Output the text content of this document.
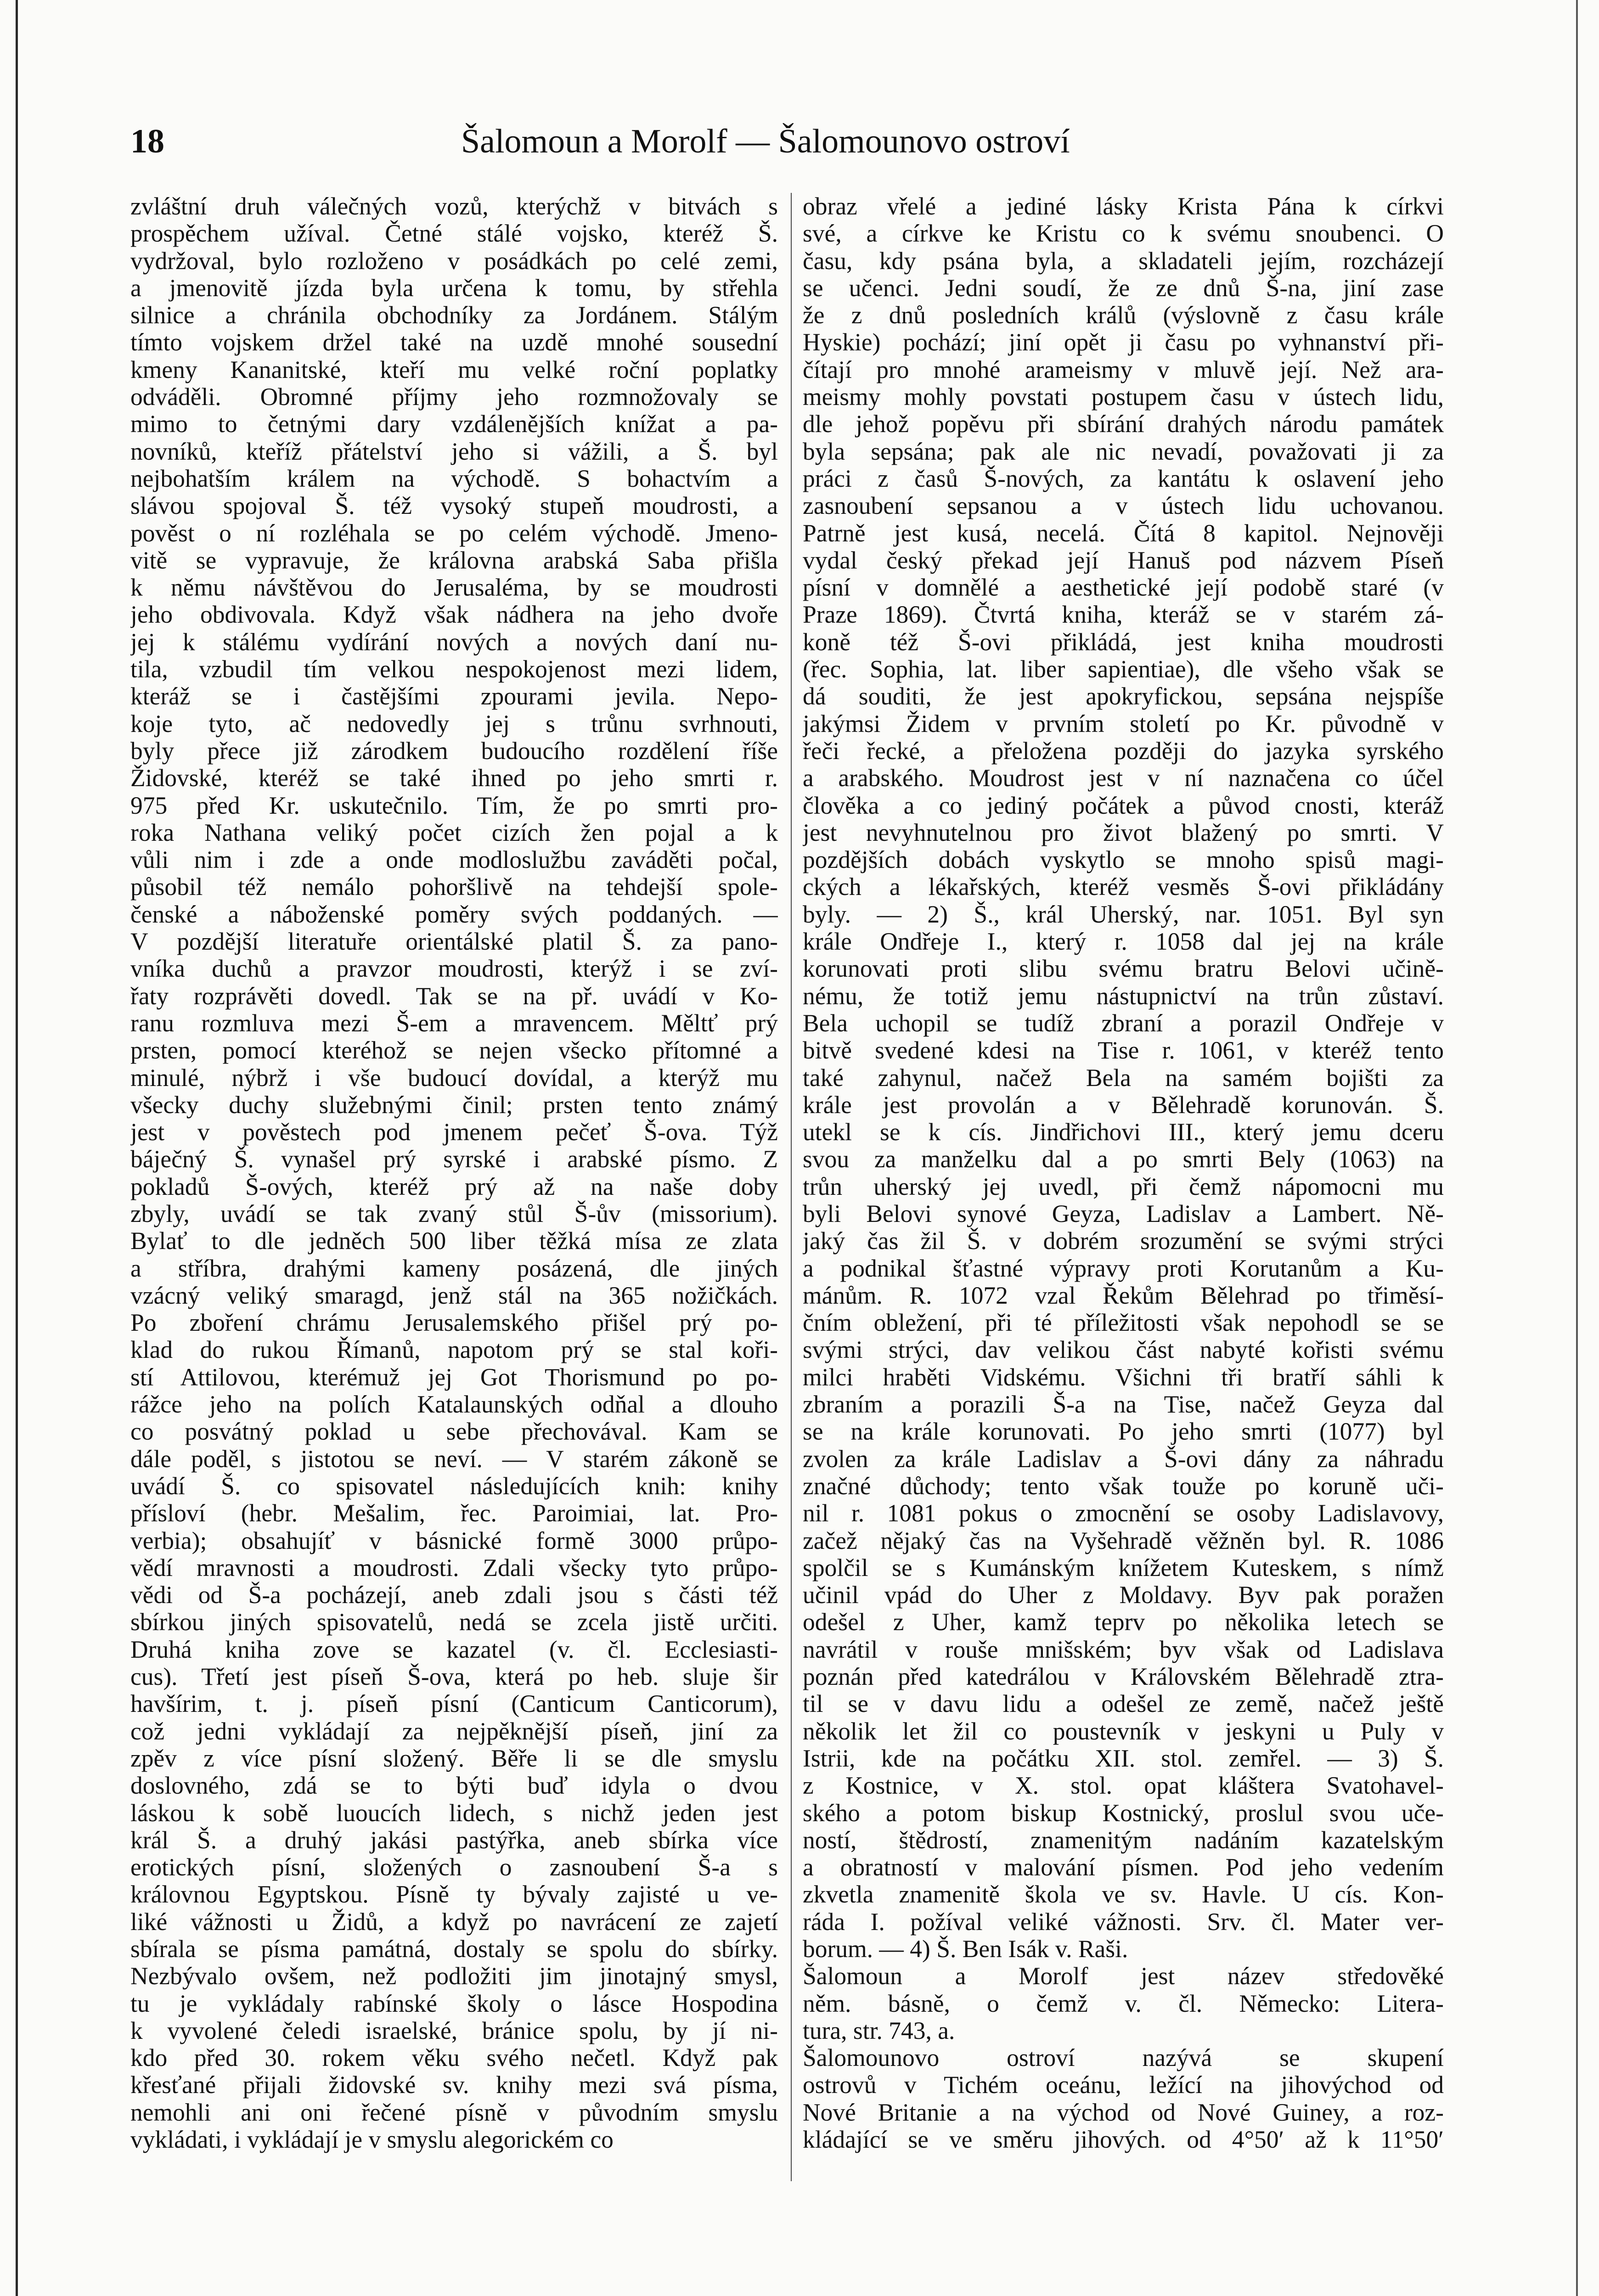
18	Šalomoun a Morolf — Šalomounovo ostroví
zvláštní druh válečných vozů, kterýchž v bitvách s
prospěchem užíval. Četné stálé vojsko, kteréž Š.
vydržoval, bylo rozloženo v posádkách po celé zemi,
a jmenovitě jízda byla určena k tomu, by střehla
silnice a chránila obchodníky za Jordánem. Stálým
tímto vojskem držel také na uzdě mnohé sousední
kmeny Kananitské, kteří mu velké roční poplatky
odváděli. Obromné příjmy jeho rozmnožovaly se
mimo to četnými dary vzdálenějších knížat a pa-
novníků, kteříž přátelství jeho si vážili, a Š. byl
nejbohatším králem na východě. S bohactvím a
slávou spojoval Š. též vysoký stupeň moudrosti, a
pověst o ní rozléhala se po celém východě. Jmeno-
vitě se vypravuje, že královna arabská Saba přišla
k němu návštěvou do Jerusaléma, by se moudrosti
jeho obdivovala. Když však nádhera na jeho dvoře
jej k stálému vydírání nových a nových daní nu-
tila, vzbudil tím velkou nespokojenost mezi lidem,
kteráž se i častějšími zpourami jevila. Nepo-
koje tyto, ač nedovedly jej s trůnu svrhnouti,
byly přece již zárodkem budoucího rozdělení říše
Židovské, kteréž se také ihned po jeho smrti r.
975 před Kr. uskutečnilo. Tím, že po smrti pro-
roka Nathana veliký počet cizích žen pojal a k
vůli nim i zde a onde modloslužbu zaváděti počal,
působil též nemálo pohoršlivě na tehdejší spole-
čenské a náboženské poměry svých poddaných. —
V pozdější literatuře orientálské platil Š. za pano-
vníka duchů a pravzor moudrosti, kterýž i se zví-
řaty rozprávěti dovedl. Tak se na př. uvádí v Ko-
ranu rozmluva mezi Š-em a mravencem. Měltť prý
prsten, pomocí kteréhož se nejen všecko přítomné a
minulé, nýbrž i vše budoucí dovídal, a kterýž mu
všecky duchy služebnými činil; prsten tento známý
jest v pověstech pod jmenem pečeť Š-ova. Týž
báječný Š. vynašel prý syrské i arabské písmo. Z
pokladů Š-ových, kteréž prý až na naše doby
zbyly, uvádí se tak zvaný stůl Š-ův (missorium).
Bylať to dle jedněch 500 liber těžká mísa ze zlata
a stříbra, drahými kameny posázená, dle jiných
vzácný veliký smaragd, jenž stál na 365 nožičkách.
Po zboření chrámu Jerusalemského přišel prý po-
klad do rukou Římanů, napotom prý se stal koři-
stí Attilovou, kterémuž jej Got Thorismund po po-
rážce jeho na polích Katalaunských odňal a dlouho
co posvátný poklad u sebe přechovával. Kam se
dále poděl, s jistotou se neví. — V starém zákoně se
uvádí Š. co spisovatel následujících knih: knihy
přísloví (hebr. Mešalim, řec. Paroimiai, lat. Pro-
verbia); obsahujíť v básnické formě 3000 průpo-
vědí mravnosti a moudrosti. Zdali všecky tyto průpo-
vědi od Š-a pocházejí, aneb zdali jsou s části též
sbírkou jiných spisovatelů, nedá se zcela jistě určiti.
Druhá kniha zove se kazatel (v. čl. Ecclesiasti-
cus). Třetí jest píseň Š-ova, která po heb. sluje šir
havšírim, t. j. píseň písní (Canticum Canticorum),
což jedni vykládají za nejpěknější píseň, jiní za
zpěv z více písní složený. Běře li se dle smyslu
doslovného, zdá se to býti buď idyla o dvou
láskou k sobě luoucích lidech, s nichž jeden jest
král Š. a druhý jakási pastýřka, aneb sbírka více
erotických písní, složených o zasnoubení Š-a s
královnou Egyptskou. Písně ty bývaly zajisté u ve-
liké vážnosti u Židů, a když po navrácení ze zajetí
sbírala se písma památná, dostaly se spolu do sbírky.
Nezbývalo ovšem, než podložiti jim jinotajný smysl,
tu je vykládaly rabínské školy o lásce Hospodina
k vyvolené čeledi israelské, bránice spolu, by jí ni-
kdo před 30. rokem věku svého nečetl. Když pak
křesťané přijali židovské sv. knihy mezi svá písma,
nemohli ani oni řečené písně v původním smyslu
vykládati, i vykládají je v smyslu alegorickém co
obraz vřelé a jediné lásky Krista Pána k církvi
své, a církve ke Kristu co k svému snoubenci. O
času, kdy psána byla, a skladateli jejím, rozcházejí
se učenci. Jedni soudí, že ze dnů Š-na, jiní zase
že z dnů posledních králů (výslovně z času krále
Hyskie) pochází; jiní opět ji času po vyhnanství při-
čítají pro mnohé arameismy v mluvě její. Než ara-
meismy mohly povstati postupem času v ústech lidu,
dle jehož popěvu při sbírání drahých národu památek
byla sepsána; pak ale nic nevadí, považovati ji za
práci z časů Š-nových, za kantátu k oslavení jeho
zasnoubení sepsanou a v ústech lidu uchovanou.
Patrně jest kusá, necelá. Čítá 8 kapitol. Nejnověji
vydal český překad její Hanuš pod názvem Píseň
písní v domnělé a aesthetické její podobě staré (v
Praze 1869). Čtvrtá kniha, kteráž se v starém zá-
koně též Š-ovi přikládá, jest kniha moudrosti
(řec. Sophia, lat. liber sapientiae), dle všeho však se
dá souditi, že jest apokryfickou, sepsána nejspíše
jakýmsi Židem v prvním století po Kr. původně v
řeči řecké, a přeložena později do jazyka syrského
a arabského. Moudrost jest v ní naznačena co účel
člověka a co jediný počátek a původ cnosti, kteráž
jest nevyhnutelnou pro život blažený po smrti. V
pozdějších dobách vyskytlo se mnoho spisů magi-
ckých a lékařských, kteréž vesměs Š-ovi přikládány
byly. — 2) Š., král Uherský, nar. 1051. Byl syn
krále Ondřeje I., který r. 1058 dal jej na krále
korunovati proti slibu svému bratru Belovi učině-
nému, že totiž jemu nástupnictví na trůn zůstaví.
Bela uchopil se tudíž zbraní a porazil Ondřeje v
bitvě svedené kdesi na Tise r. 1061, v kteréž tento
také zahynul, načež Bela na samém bojišti za
krále jest provolán a v Bělehradě korunován. Š.
utekl se k cís. Jindřichovi III., který jemu dceru
svou za manželku dal a po smrti Bely (1063) na
trůn uherský jej uvedl, při čemž nápomocni mu
byli Belovi synové Geyza, Ladislav a Lambert. Ně-
jaký čas žil Š. v dobrém srozumění se svými strýci
a podnikal šťastné výpravy proti Korutanům a Ku-
mánům. R. 1072 vzal Řekům Bělehrad po třiměsí-
čním obležení, při té příležitosti však nepohodl se se
svými strýci, dav velikou část nabyté kořisti svému
milci hraběti Vidskému. Všichni tři bratří sáhli k
zbraním a porazili Š-a na Tise, načež Geyza dal
se na krále korunovati. Po jeho smrti (1077) byl
zvolen za krále Ladislav a Š-ovi dány za náhradu
značné důchody; tento však touže po koruně uči-
nil r. 1081 pokus o zmocnění se osoby Ladislavovy,
začež nějaký čas na Vyšehradě věžněn byl. R. 1086
spolčil se s Kumánským knížetem Kuteskem, s nímž
učinil vpád do Uher z Moldavy. Byv pak poražen
odešel z Uher, kamž teprv po několika letech se
navrátil v rouše mnišském; byv však od Ladislava
poznán před katedrálou v Královském Bělehradě ztra-
til se v davu lidu a odešel ze země, načež ještě
několik let žil co poustevník v jeskyni u Puly v
Istrii, kde na počátku XII. stol. zemřel. — 3) Š.
z Kostnice, v X. stol. opat kláštera Svatohavel-
ského a potom biskup Kostnický, proslul svou uče-
ností, štědrostí, znamenitým nadáním kazatelským
a obratností v malování písmen. Pod jeho vedením
zkvetla znamenitě škola ve sv. Havle. U cís. Kon-
ráda I. požíval veliké vážnosti. Srv. čl. Mater ver-
borum. — 4) Š. Ben Isák v. Raši.
Šalomoun a Morolf jest název středověké
něm. básně, o čemž v. čl. Německo: Litera-
tura, str. 743, a.
Šalomounovo ostroví nazývá se skupení
ostrovů v Tichém oceánu, ležící na jihovýchod od
Nové Britanie a na východ od Nové Guiney, a roz-
kládající se ve směru jihových. od 4°50′ až k 11°50′
